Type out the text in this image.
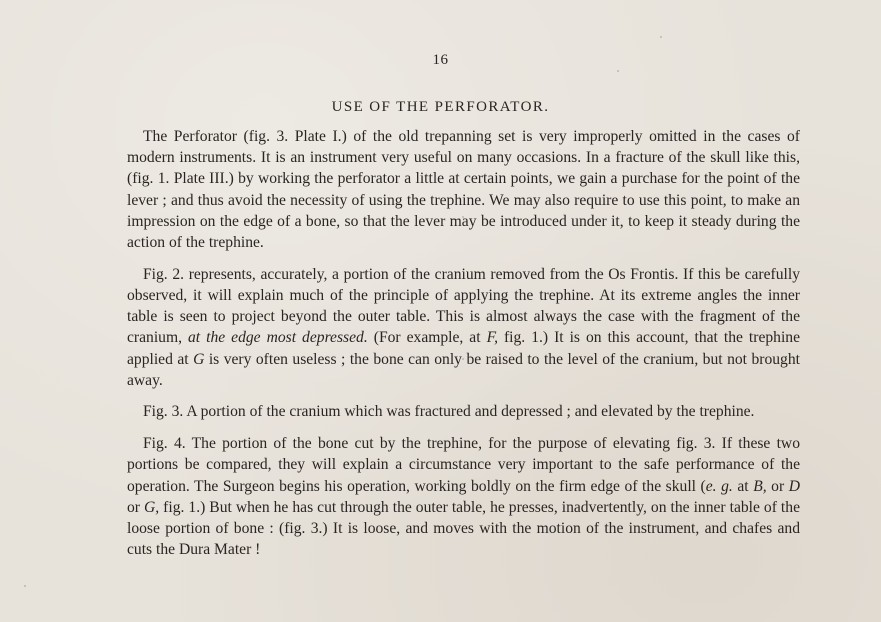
16
USE OF THE PERFORATOR.

The Perforator (fig. 3. Plate I.) of the old trepanning set is very improperly omitted in the cases of modern instruments. It is an instrument very useful on many occasions. In a fracture of the skull like this, (fig. 1. Plate III.) by working the perforator a little at certain points, we gain a purchase for the point of the lever ; and thus avoid the necessity of using the trephine. We may also require to use this point, to make an impression on the edge of a bone, so that the lever may be introduced under it, to keep it steady during the action of the trephine.

Fig. 2. represents, accurately, a portion of the cranium removed from the Os Frontis. If this be carefully observed, it will explain much of the principle of applying the trephine. At its extreme angles the inner table is seen to project beyond the outer table. This is almost always the case with the fragment of the cranium, at the edge most depressed. (For example, at F, fig. 1.) It is on this account, that the trephine applied at G is very often useless ; the bone can only be raised to the level of the cranium, but not brought away.

Fig. 3. A portion of the cranium which was fractured and depressed ; and elevated by the trephine.

Fig. 4. The portion of the bone cut by the trephine, for the purpose of elevating fig. 3. If these two portions be compared, they will explain a circumstance very important to the safe performance of the operation. The Surgeon begins his operation, working boldly on the firm edge of the skull (e. g. at B, or D or G, fig. 1.) But when he has cut through the outer table, he presses, inadvertently, on the inner table of the loose portion of bone : (fig. 3.) It is loose, and moves with the motion of the instrument, and chafes and cuts the Dura Mater !
